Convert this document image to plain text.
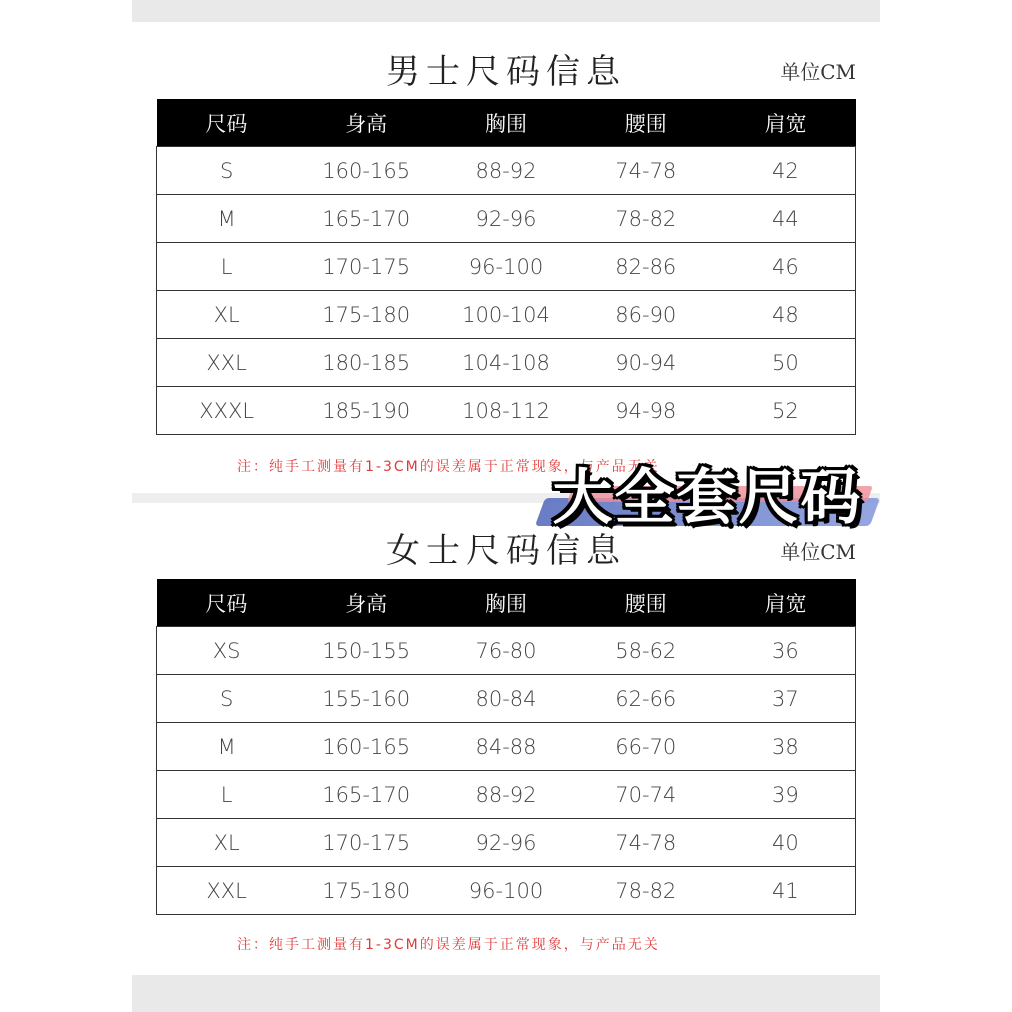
男士尺码信息	单位CM
尺码	身高	胸围	腰围	肩宽
S	160-165	88-92	74-78	42
M	165-170	92-96	78-82	44
L	170-175	96-100	82-86	46
XL	175-180	100-104	86-90	48
XXL	180-185	104-108	90-94	50
XXXL	185-190	108-112	94-98	52
注：纯手工测量有1-3CM的误差属于正常现象，与产品无关
女士尺码信息	单位CM
尺码	身高	胸围	腰围	肩宽
XS	150-155	76-80	58-62	36
S	155-160	80-84	62-66	37
M	160-165	84-88	66-70	38
L	165-170	88-92	70-74	39
XL	170-175	92-96	74-78	40
XXL	175-180	96-100	78-82	41
注：纯手工测量有1-3CM的误差属于正常现象，与产品无关
大全套尺码
